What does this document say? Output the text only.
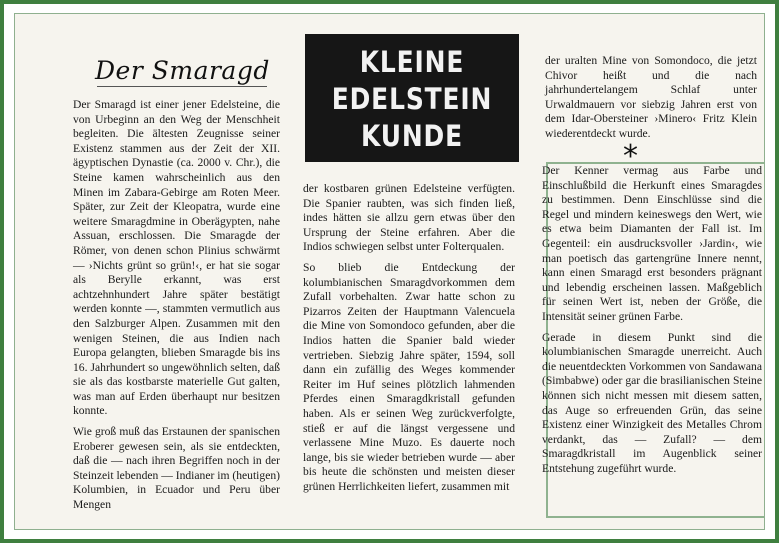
Der Smaragd	KLEINE
EDELSTEIN
KUNDE

Der Smaragd ist einer jener Edelsteine, die von Urbeginn an den Weg der Menschheit begleiten. Die ältesten Zeugnisse seiner Existenz stammen aus der Zeit der XII. ägyptischen Dynastie (ca. 2000 v. Chr.), die Steine kamen wahrscheinlich aus den Minen im Zabara-Gebirge am Roten Meer. Später, zur Zeit der Kleopatra, wurde eine weitere Smaragdmine in Oberägypten, nahe Assuan, erschlossen. Die Smaragde der Römer, von denen schon Plinius schwärmt — ›Nichts grünt so grün!‹, er hat sie sogar als Berylle erkannt, was erst achtzehnhundert Jahre später bestätigt werden konnte —, stammten vermutlich aus den Salzburger Alpen. Zusammen mit den wenigen Steinen, die aus Indien nach Europa gelangten, blieben Smaragde bis ins 16. Jahrhundert so ungewöhnlich selten, daß sie als das kostbarste materielle Gut galten, was man auf Erden überhaupt nur besitzen konnte.

Wie groß muß das Erstaunen der spanischen Eroberer gewesen sein, als sie entdeckten, daß die — nach ihren Begriffen noch in der Steinzeit lebenden — Indianer im (heutigen) Kolumbien, in Ecuador und Peru über Mengen

der kostbaren grünen Edelsteine verfügten. Die Spanier raubten, was sich finden ließ, indes hätten sie allzu gern etwas über den Ursprung der Steine erfahren. Aber die Indios schwiegen selbst unter Folterqualen.

So blieb die Entdeckung der kolumbianischen Smaragdvorkommen dem Zufall vorbehalten. Zwar hatte schon zu Pizarros Zeiten der Hauptmann Valencuela die Mine von Somondoco gefunden, aber die Indios hatten die Spanier bald wieder vertrieben. Siebzig Jahre später, 1594, soll dann ein zufällig des Weges kommender Reiter im Huf seines plötzlich lahmenden Pferdes einen Smaragdkristall gefunden haben. Als er seinen Weg zurückverfolgte, stieß er auf die längst vergessene und verlassene Mine Muzo. Es dauerte noch lange, bis sie wieder betrieben wurde — aber bis heute die schönsten und meisten dieser grünen Herrlichkeiten liefert, zusammen mit

der uralten Mine von Somondoco, die jetzt Chivor heißt und die nach jahrhundertelangem Schlaf unter Urwaldmauern vor siebzig Jahren erst von dem Idar-Obersteiner ›Minero‹ Fritz Klein wiederentdeckt wurde.

*

Der Kenner vermag aus Farbe und Einschlußbild die Herkunft eines Smaragdes zu bestimmen. Denn Einschlüsse sind die Regel und mindern keineswegs den Wert, wie es etwa beim Diamanten der Fall ist. Im Gegenteil: ein ausdrucksvoller ›Jardin‹, wie man poetisch das gartengrüne Innere nennt, kann einen Smaragd erst besonders prägnant und lebendig erscheinen lassen. Maßgeblich für seinen Wert ist, neben der Größe, die Intensität seiner grünen Farbe.

Gerade in diesem Punkt sind die kolumbianischen Smaragde unerreicht. Auch die neuentdeckten Vorkommen von Sandawana (Simbabwe) oder gar die brasilianischen Steine können sich nicht messen mit diesem satten, das Auge so erfreuenden Grün, das seine Existenz einer Winzigkeit des Metalles Chrom verdankt, das — Zufall? — dem Smaragdkristall im Augenblick seiner Entstehung zugeführt wurde.
